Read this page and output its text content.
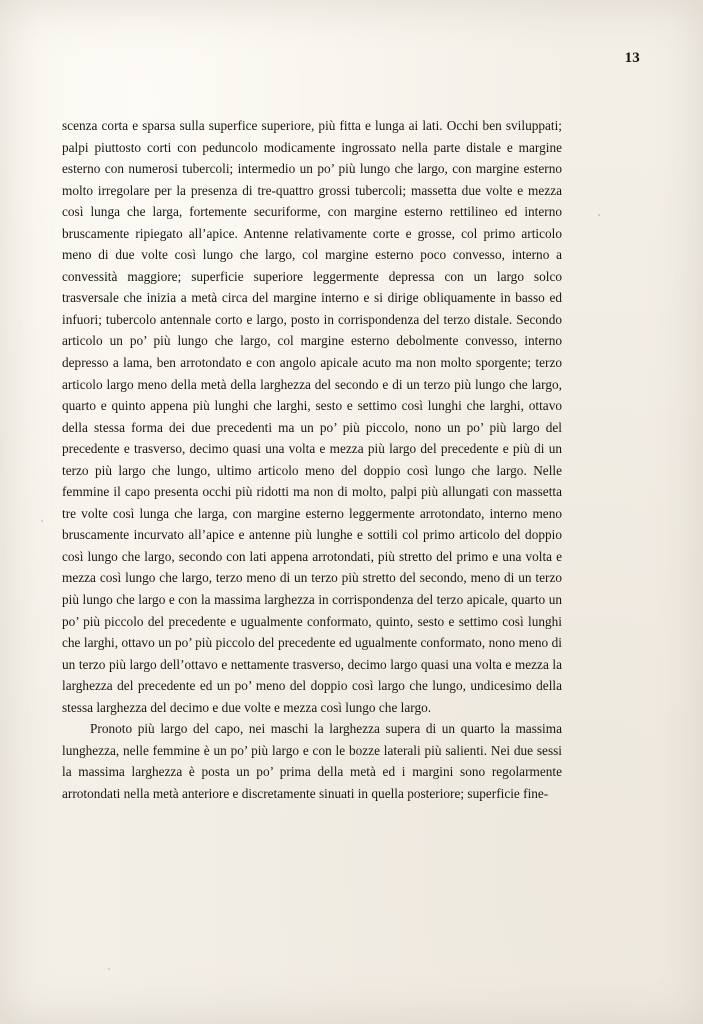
13

scenza corta e sparsa sulla superfice superiore, più fitta e lunga ai lati. Occhi ben sviluppati; palpi piuttosto corti con peduncolo modicamente ingrossato nella parte distale e margine esterno con numerosi tubercoli; intermedio un po’ più lungo che largo, con margine esterno molto irregolare per la presenza di tre-quattro grossi tubercoli; massetta due volte e mezza così lunga che larga, fortemente securiforme, con margine esterno rettilineo ed interno bruscamente ripiegato all’apice. Antenne relativamente corte e grosse, col primo articolo meno di due volte così lungo che largo, col margine esterno poco convesso, interno a convessità maggiore; superficie superiore leggermente depressa con un largo solco trasversale che inizia a metà circa del margine interno e si dirige obliquamente in basso ed infuori; tubercolo antennale corto e largo, posto in corrispondenza del terzo distale. Secondo articolo un po’ più lungo che largo, col margine esterno debolmente convesso, interno depresso a lama, ben arrotondato e con angolo apicale acuto ma non molto sporgente; terzo articolo largo meno della metà della larghezza del secondo e di un terzo più lungo che largo, quarto e quinto appena più lunghi che larghi, sesto e settimo così lunghi che larghi, ottavo della stessa forma dei due precedenti ma un po’ più piccolo, nono un po’ più largo del precedente e trasverso, decimo quasi una volta e mezza più largo del precedente e più di un terzo più largo che lungo, ultimo articolo meno del doppio così lungo che largo. Nelle femmine il capo presenta occhi più ridotti ma non di molto, palpi più allungati con massetta tre volte così lunga che larga, con margine esterno leggermente arrotondato, interno meno bruscamente incurvato all’apice e antenne più lunghe e sottili col primo articolo del doppio così lungo che largo, secondo con lati appena arrotondati, più stretto del primo e una volta e mezza così lungo che largo, terzo meno di un terzo più stretto del secondo, meno di un terzo più lungo che largo e con la massima larghezza in corrispondenza del terzo apicale, quarto un po’ più piccolo del precedente e ugualmente conformato, quinto, sesto e settimo così lunghi che larghi, ottavo un po’ più piccolo del precedente ed ugualmente conformato, nono meno di un terzo più largo dell’ottavo e nettamente trasverso, decimo largo quasi una volta e mezza la larghezza del precedente ed un po’ meno del doppio così largo che lungo, undicesimo della stessa larghezza del decimo e due volte e mezza così lungo che largo.

Pronoto più largo del capo, nei maschi la larghezza supera di un quarto la massima lunghezza, nelle femmine è un po’ più largo e con le bozze laterali più salienti. Nei due sessi la massima larghezza è posta un po’ prima della metà ed i margini sono regolarmente arrotondati nella metà anteriore e discretamente sinuati in quella posteriore; superficie fine-
